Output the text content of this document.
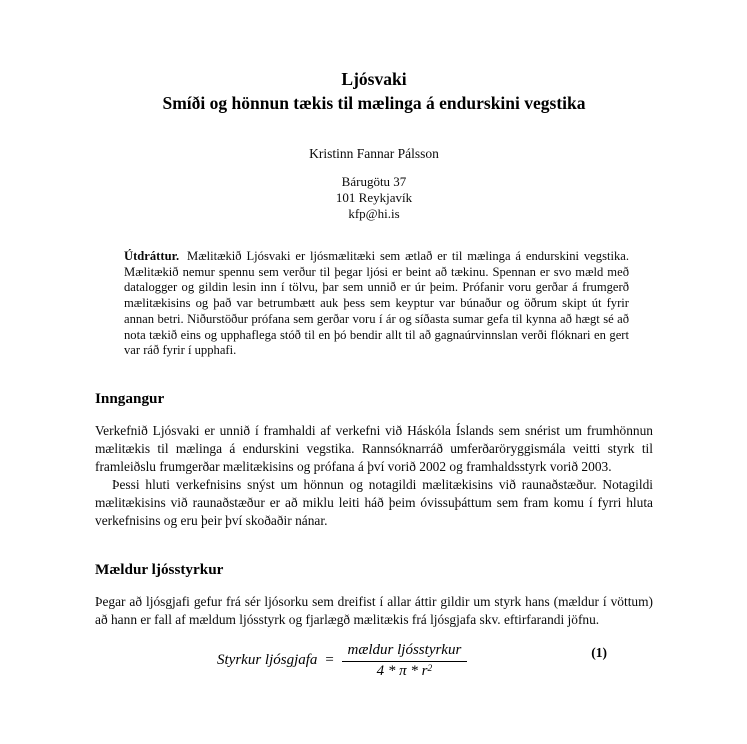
Ljósvaki
Smíði og hönnun tækis til mælinga á endurskini vegstika
Kristinn Fannar Pálsson
Bárugötu 37
101 Reykjavík
kfp@hi.is
Útdráttur. Mælitækið Ljósvaki er ljósmælitæki sem ætlað er til mælinga á endurskini vegstika. Mælitækið nemur spennu sem verður til þegar ljósi er beint að tækinu. Spennan er svo mæld með datalogger og gildin lesin inn í tölvu, þar sem unnið er úr þeim. Prófanir voru gerðar á frumgerð mælitækisins og það var betrumbætt auk þess sem keyptur var búnaður og öðrum skipt út fyrir annan betri. Niðurstöður prófana sem gerðar voru í ár og síðasta sumar gefa til kynna að hægt sé að nota tækið eins og upphaflega stóð til en þó bendir allt til að gagnaúrvinnslan verði flóknari en gert var ráð fyrir í upphafi.
Inngangur
Verkefnið Ljósvaki er unnið í framhaldi af verkefni við Háskóla Íslands sem snérist um frumhönnun mælitækis til mælinga á endurskini vegstika. Rannsóknarráð umferðaröryggismála veitti styrk til framleiðslu frumgerðar mælitækisins og prófana á því vorið 2002 og framhaldsstyrk vorið 2003.
Þessi hluti verkefnisins snýst um hönnun og notagildi mælitækisins við raunaðstæður. Notagildi mælitækisins við raunaðstæður er að miklu leiti háð þeim óvissuþáttum sem fram komu í fyrri hluta verkefnisins og eru þeir því skoðaðir nánar.
Mældur ljósstyrkur
Þegar að ljósgjafi gefur frá sér ljósorku sem dreifist í allar áttir gildir um styrk hans (mældur í vöttum) að hann er fall af mældum ljósstyrk og fjarlægð mælitækis frá ljósgjafa skv. eftirfarandi jöfnu.
Styrkur ljósgjafa = $\frac{\text{mældur ljósstyrkur}}{4 * \pi * r^2}$	(1)
